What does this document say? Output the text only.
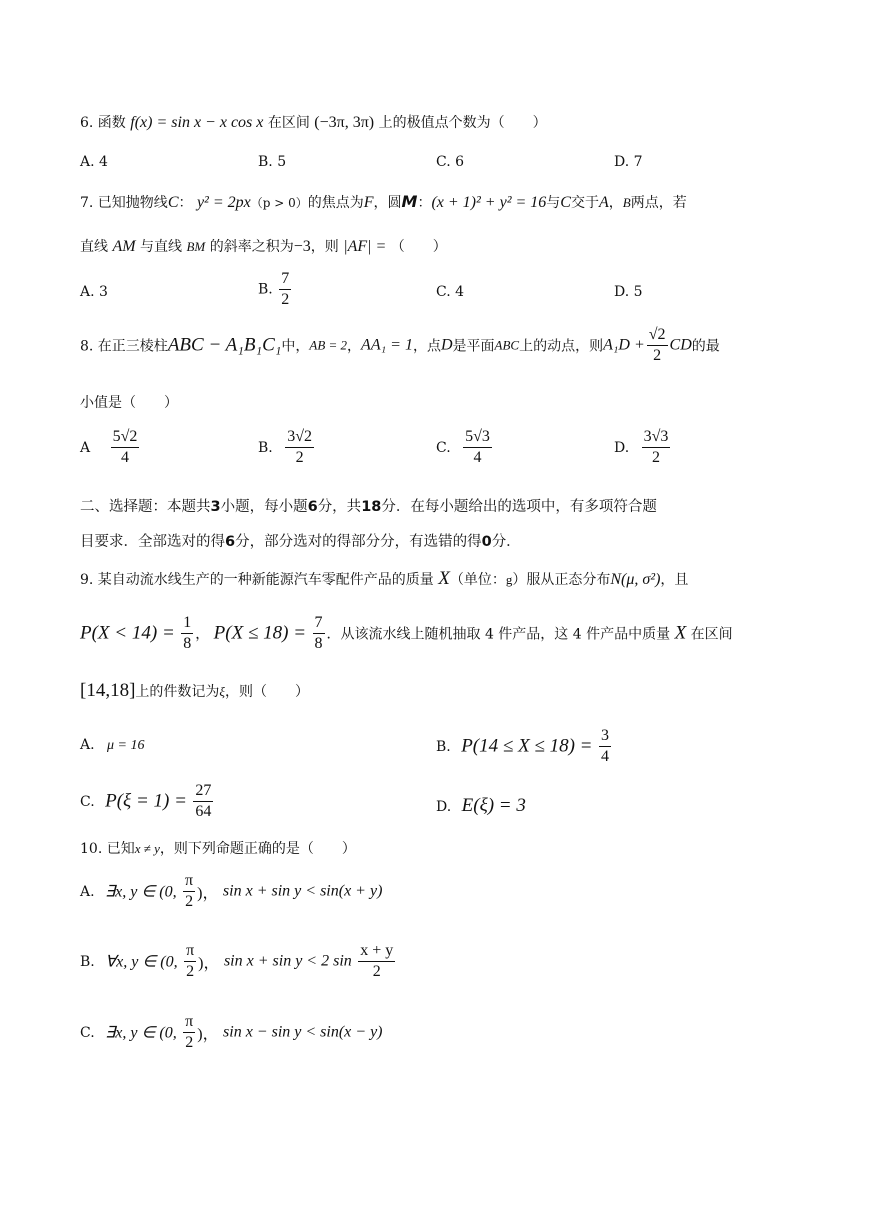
6. 函数 f(x) = sin x − x cos x 在区间 (−3π, 3π) 上的极值点个数为（　　）
A. 4	B. 5	C. 6	D. 7
7. 已知抛物线C： y² = 2px（p > 0）的焦点为F，圆M：(x + 1)² + y² = 16与C交于A，B两点，若
直线 AM 与直线 BM 的斜率之积为−3，则 |AF| = （　　）
A. 3	B. $\frac{7}{2}$	C. 4	D. 5
8. 在正三棱柱ABC − A₁B₁C₁中，AB = 2，AA₁ = 1，点D是平面ABC上的动点，则$A_1D + \frac{√2}{2}$ CD的最
小值是（　　）
A $\frac{5√2}{4}$	B. $\frac{3√2}{2}$	C. $\frac{5√3}{4}$	D. $\frac{3√3}{2}$
二、选择题：本题共3小题，每小题6分，共18分．在每小题给出的选项中，有多项符合题
目要求．全部选对的得6分，部分选对的得部分分，有选错的得0分．
9. 某自动流水线生产的一种新能源汽车零配件产品的质量 X（单位：g）服从正态分布N(μ, σ²)，且
$P(X < 14) = \frac{1}{8}$ ， $P(X \le 18) = \frac{7}{8}$ ．从该流水线上随机抽取 4 件产品，这 4 件产品中质量 X 在区间
[14,18]上的件数记为ξ，则（　　）
A. μ = 16	B. $P(14 \le X \le 18) = \frac{3}{4}$
C. $P(\xi = 1) = \frac{27}{64}$	D. E(ξ) = 3
10. 已知x ≠ y，则下列命题正确的是（　　）
A. ∃x, y ∈ (0, $\frac{\pi}{2}$ )， sin x + sin y < sin(x + y)
B. ∀x, y ∈ (0, $\frac{\pi}{2}$ )， sin x + sin y < 2 $\sin \frac{x + y}{2}$
C. ∃x, y ∈ (0, $\frac{\pi}{2}$ )， sin x − sin y < sin(x − y)
